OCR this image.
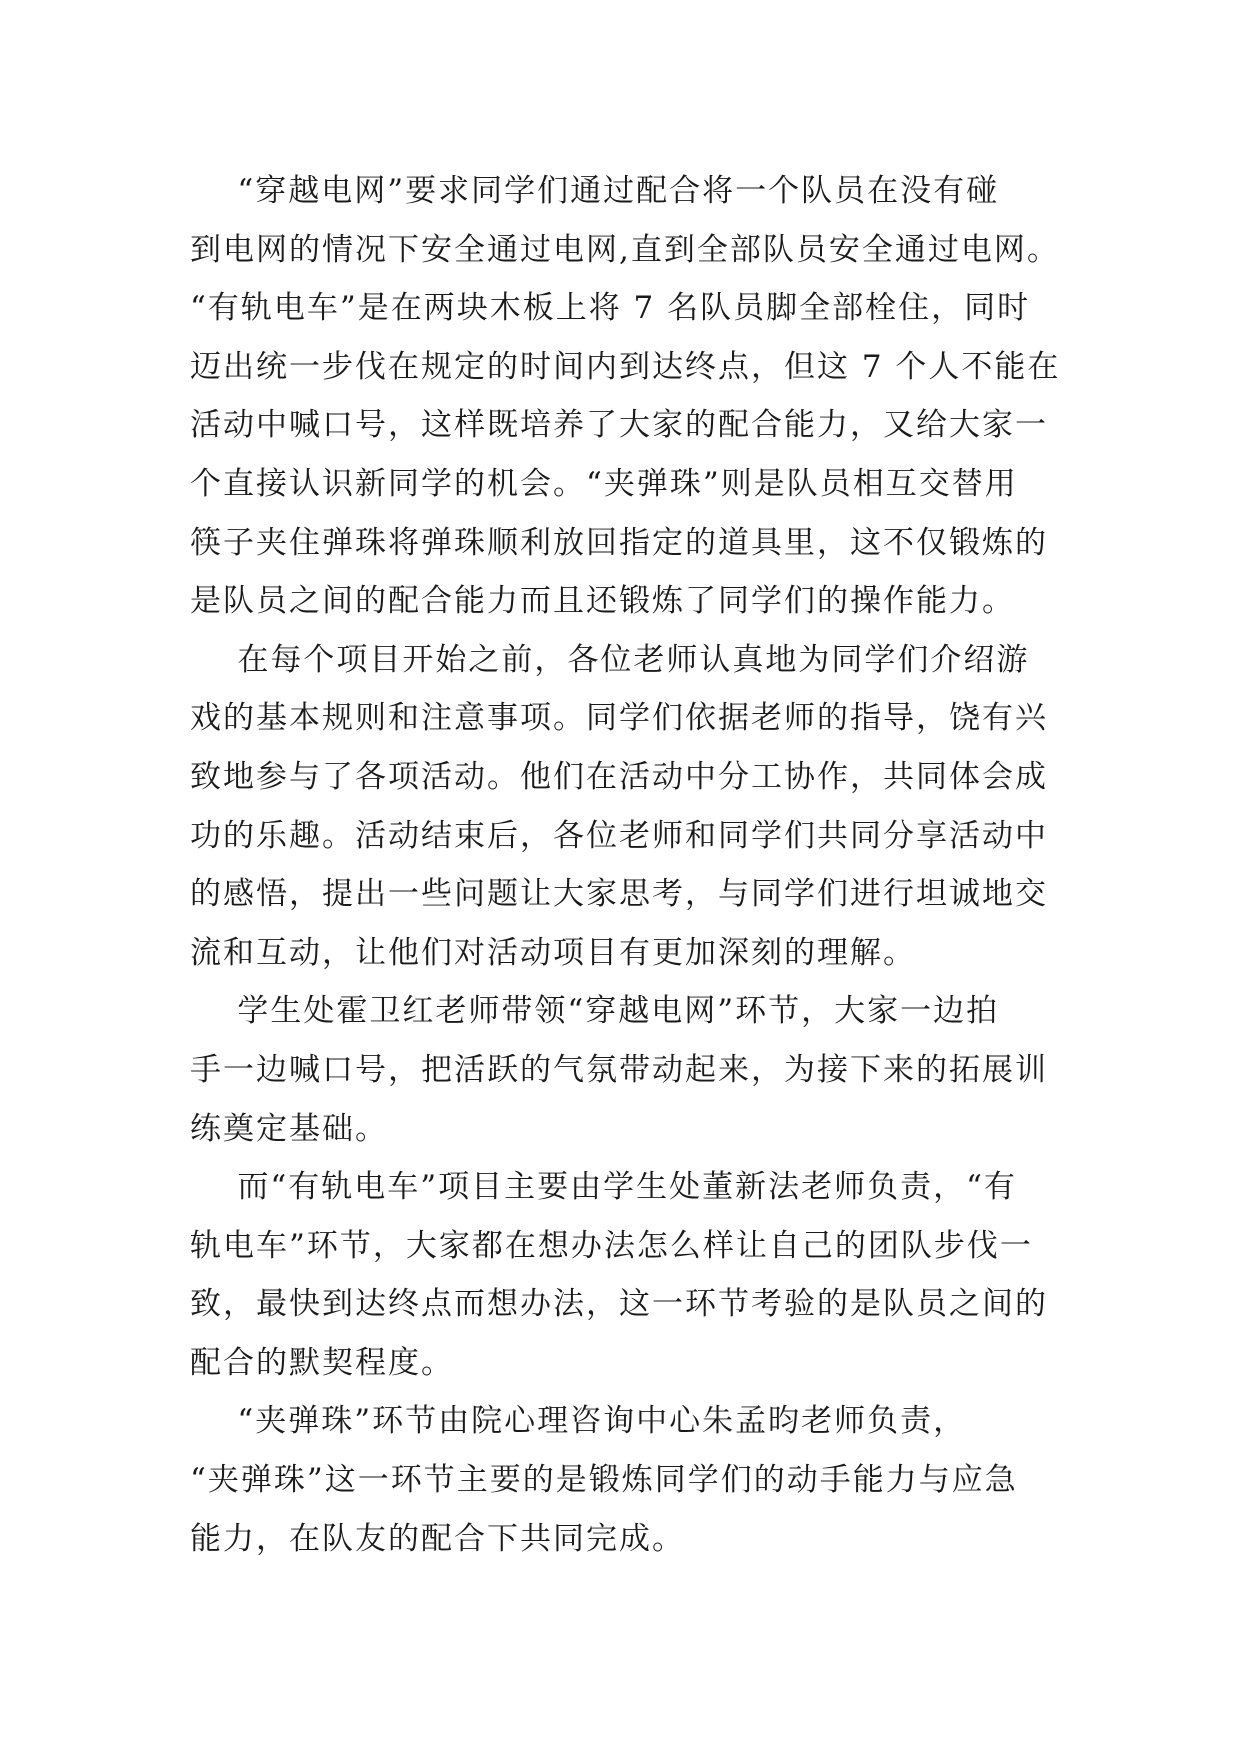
“穿越电网”要求同学们通过配合将一个队员在没有碰
到电网的情况下安全通过电网,直到全部队员安全通过电网。
“有轨电车”是在两块木板上将 7 名队员脚全部栓住，同时
迈出统一步伐在规定的时间内到达终点，但这 7 个人不能在
活动中喊口号，这样既培养了大家的配合能力，又给大家一
个直接认识新同学的机会。“夹弹珠”则是队员相互交替用
筷子夹住弹珠将弹珠顺利放回指定的道具里，这不仅锻炼的
是队员之间的配合能力而且还锻炼了同学们的操作能力。
在每个项目开始之前，各位老师认真地为同学们介绍游
戏的基本规则和注意事项。同学们依据老师的指导，饶有兴
致地参与了各项活动。他们在活动中分工协作，共同体会成
功的乐趣。活动结束后，各位老师和同学们共同分享活动中
的感悟，提出一些问题让大家思考，与同学们进行坦诚地交
流和互动，让他们对活动项目有更加深刻的理解。
学生处霍卫红老师带领“穿越电网”环节，大家一边拍
手一边喊口号，把活跃的气氛带动起来，为接下来的拓展训
练奠定基础。
而“有轨电车”项目主要由学生处董新法老师负责，“有
轨电车”环节，大家都在想办法怎么样让自己的团队步伐一
致，最快到达终点而想办法，这一环节考验的是队员之间的
配合的默契程度。
“夹弹珠”环节由院心理咨询中心朱孟昀老师负责，
“夹弹珠”这一环节主要的是锻炼同学们的动手能力与应急
能力，在队友的配合下共同完成。
